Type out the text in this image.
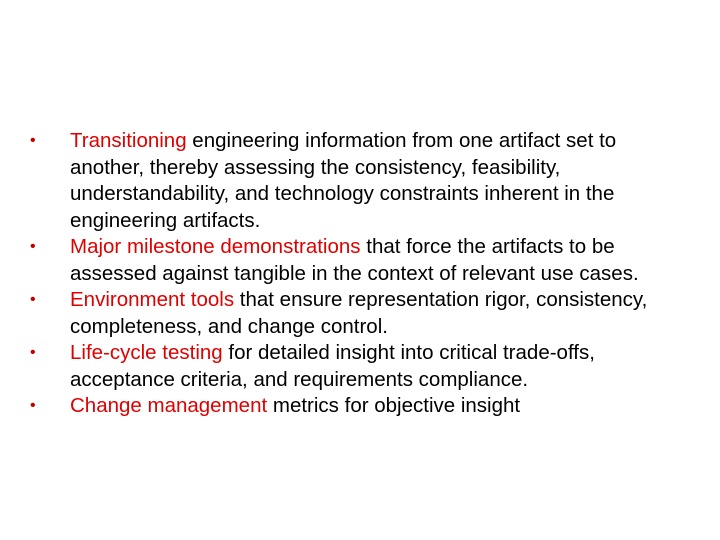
•	Transitioning engineering information from one artifact set to another, thereby assessing the consistency, feasibility, understandability, and technology constraints inherent in the engineering artifacts.
•	Major milestone demonstrations that force the artifacts to be assessed against tangible in the context of relevant use cases.
•	Environment tools that ensure representation rigor, consistency, completeness, and change control.
•	Life-cycle testing for detailed insight into critical trade-offs, acceptance criteria, and requirements compliance.
•	Change management metrics for objective insight
